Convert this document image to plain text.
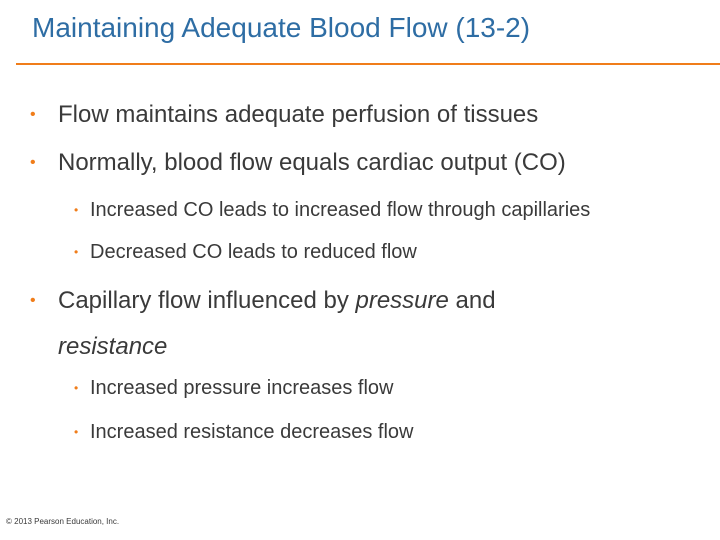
Maintaining Adequate Blood Flow (13-2)
• Flow maintains adequate perfusion of tissues
• Normally, blood flow equals cardiac output (CO)
• Increased CO leads to increased flow through capillaries
• Decreased CO leads to reduced flow
• Capillary flow influenced by pressure and
resistance
• Increased pressure increases flow
• Increased resistance decreases flow
© 2013 Pearson Education, Inc.
